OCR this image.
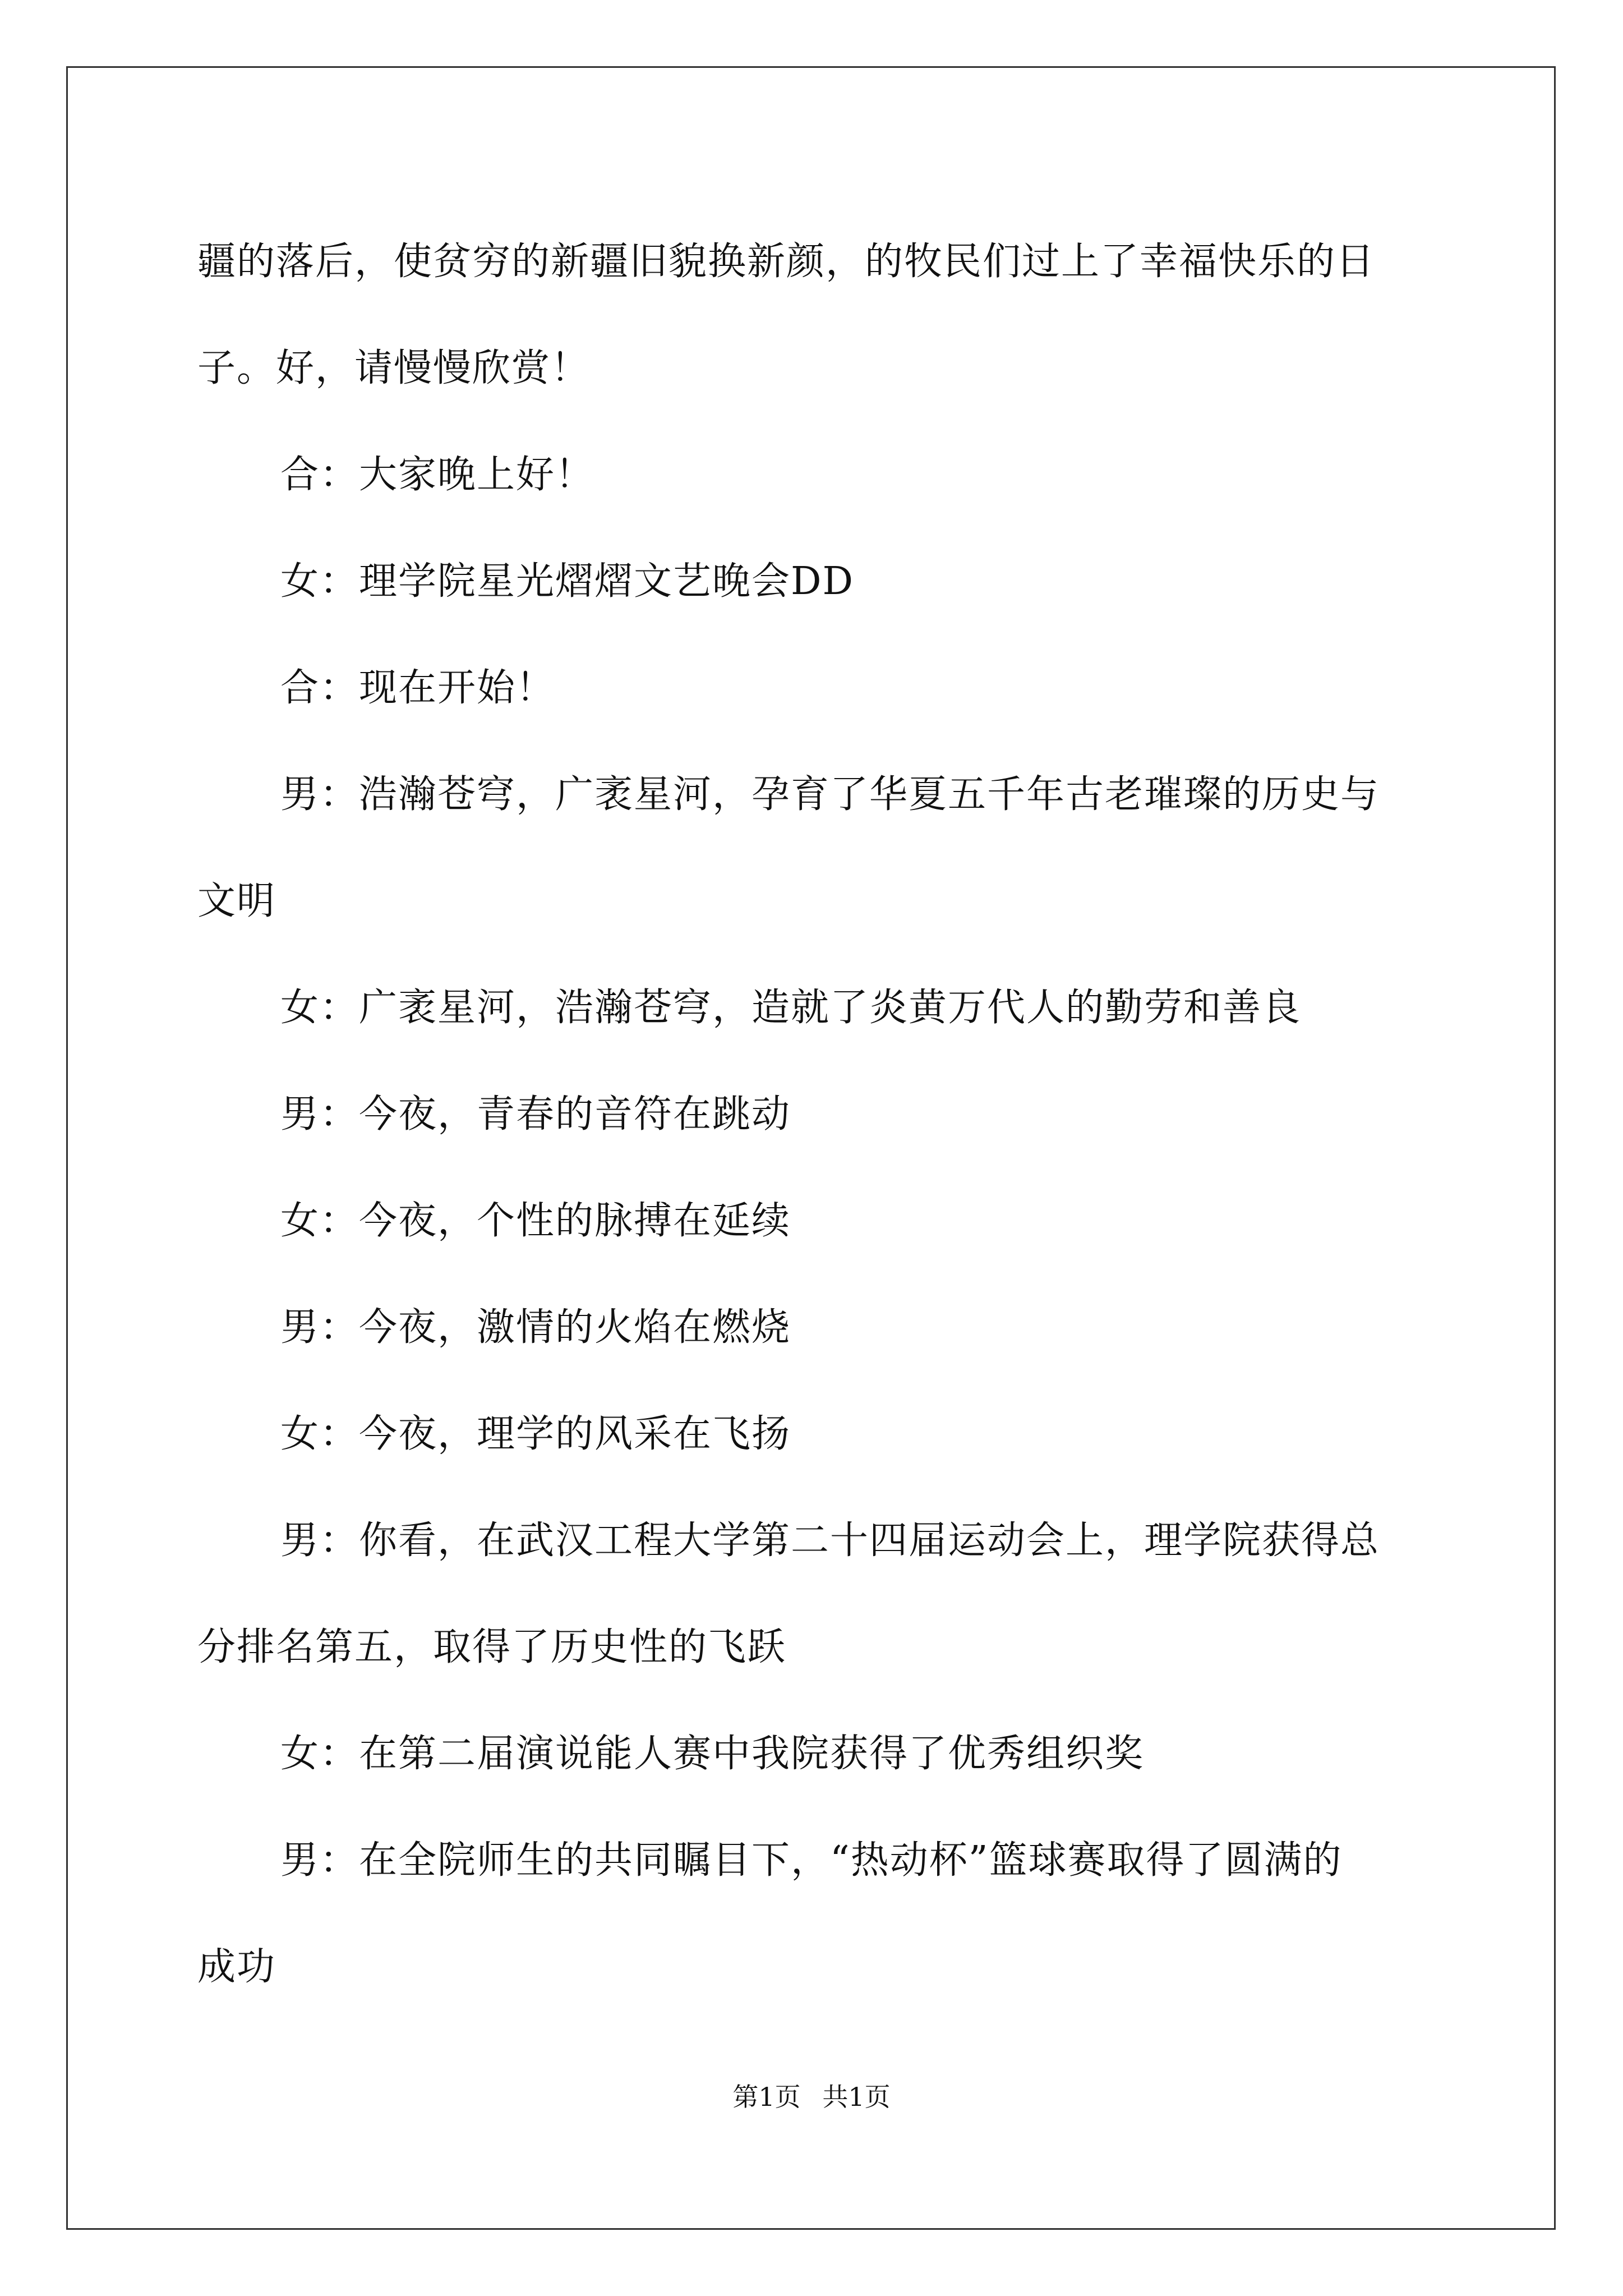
疆的落后，使贫穷的新疆旧貌换新颜，的牧民们过上了幸福快乐的日

子。好，请慢慢欣赏！

合：大家晚上好！

女：理学院星光熠熠文艺晚会DD

合：现在开始！

男：浩瀚苍穹，广袤星河，孕育了华夏五千年古老璀璨的历史与

文明

女：广袤星河，浩瀚苍穹，造就了炎黄万代人的勤劳和善良

男：今夜，青春的音符在跳动

女：今夜，个性的脉搏在延续

男：今夜，激情的火焰在燃烧

女：今夜，理学的风采在飞扬

男：你看，在武汉工程大学第二十四届运动会上，理学院获得总

分排名第五，取得了历史性的飞跃

女：在第二届演说能人赛中我院获得了优秀组织奖

男：在全院师生的共同瞩目下，“热动杯”篮球赛取得了圆满的

成功

第1页 共1页
